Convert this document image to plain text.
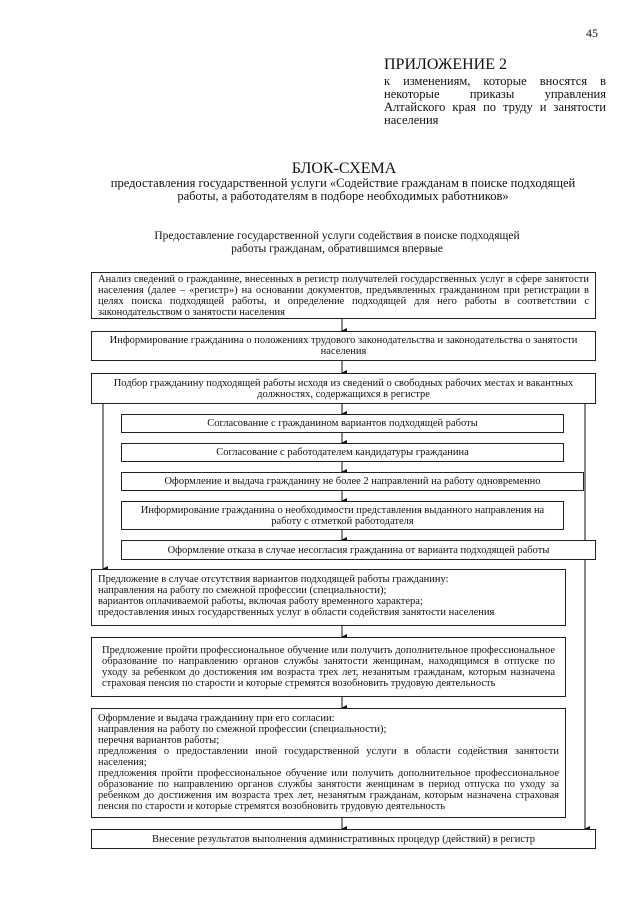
45
ПРИЛОЖЕНИЕ 2
к изменениям, которые вносятся в некоторые приказы управления Алтайского края по труду и занятости населения
БЛОК-СХЕМА
предоставления государственной услуги «Содействие гражданам в поиске подходящей работы, а работодателям в подборе необходимых работников»
Предоставление государственной услуги содействия в поиске подходящей работы гражданам, обратившимся впервые
Анализ сведений о гражданине, внесенных в регистр получателей государственных услуг в сфере занятости населения (далее – «регистр») на основании документов, предъявленных гражданином при регистрации в целях поиска подходящей работы, и определение подходящей для него работы в соответствии с законодательством о занятости населения
Информирование гражданина о положениях трудового законодательства и законодательства о занятости населения
Подбор гражданину подходящей работы исходя из сведений о свободных рабочих местах и вакантных должностях, содержащихся в регистре
Согласование с гражданином вариантов подходящей работы
Согласование с работодателем кандидатуры гражданина
Оформление и выдача гражданину не более 2 направлений на работу одновременно
Информирование гражданина о необходимости представления выданного направления на работу с отметкой работодателя
Оформление отказа в случае несогласия гражданина от варианта подходящей работы
Предложение в случае отсутствия вариантов подходящей работы гражданину:
направления на работу по смежной профессии (специальности);
вариантов оплачиваемой работы, включая работу временного характера;
предоставления иных государственных услуг в области содействия занятости населения
Предложение пройти профессиональное обучение или получить дополнительное профессиональное образование по направлению органов службы занятости женщинам, находящимся в отпуске по уходу за ребенком до достижения им возраста трех лет, незанятым гражданам, которым назначена страховая пенсия по старости и которые стремятся возобновить трудовую деятельность
Оформление и выдача гражданину при его согласии:
направления на работу по смежной профессии (специальности);
перечня вариантов работы;
предложения о предоставлении иной государственной услуги в области содействия занятости населения;
предложения пройти профессиональное обучение или получить дополнительное профессиональное образование по направлению органов службы занятости женщинам в период отпуска по уходу за ребенком до достижения им возраста трех лет, незанятым гражданам, которым назначена страховая пенсия по старости и которые стремятся возобновить трудовую деятельность
Внесение результатов выполнения административных процедур (действий) в регистр
